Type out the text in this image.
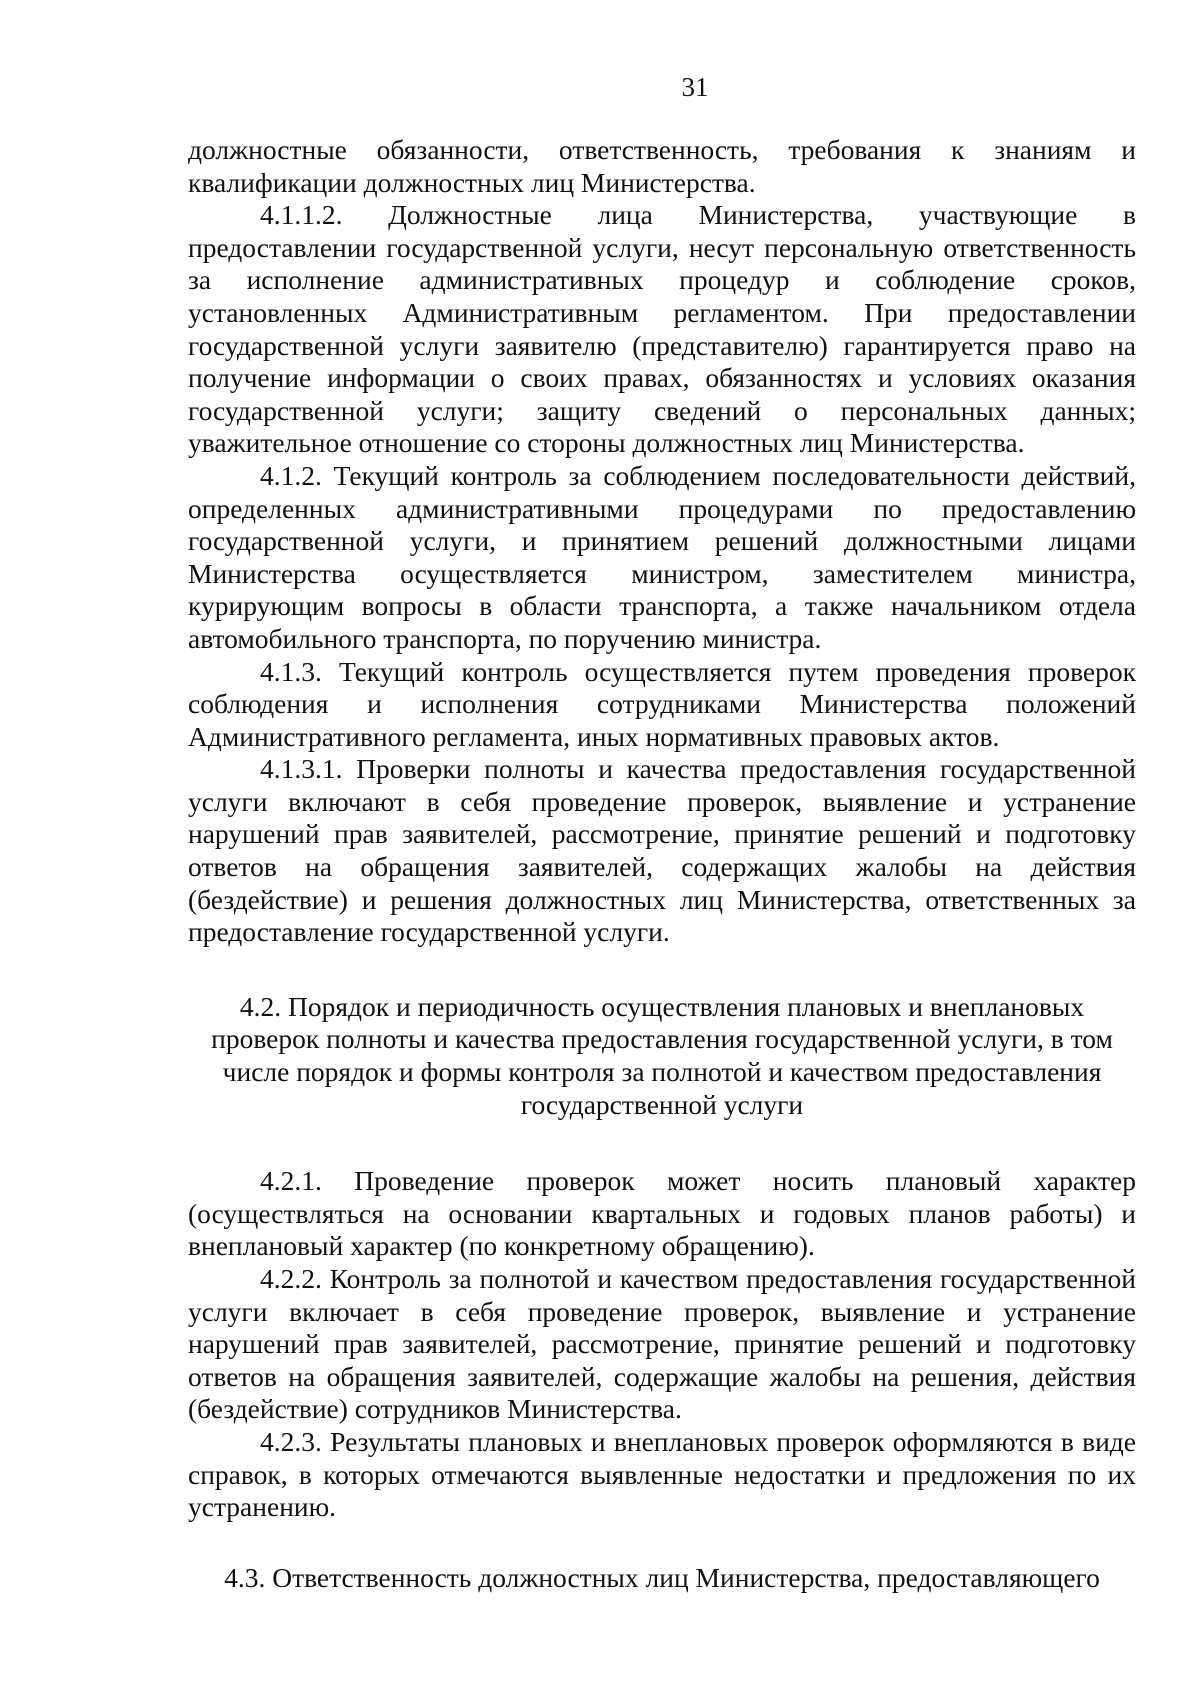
31

должностные обязанности, ответственность, требования к знаниям и квалификации должностных лиц Министерства.

4.1.1.2. Должностные лица Министерства, участвующие в предоставлении государственной услуги, несут персональную ответственность за исполнение административных процедур и соблюдение сроков, установленных Административным регламентом. При предоставлении государственной услуги заявителю (представителю) гарантируется право на получение информации о своих правах, обязанностях и условиях оказания государственной услуги; защиту сведений о персональных данных; уважительное отношение со стороны должностных лиц Министерства.

4.1.2. Текущий контроль за соблюдением последовательности действий, определенных административными процедурами по предоставлению государственной услуги, и принятием решений должностными лицами Министерства осуществляется министром, заместителем министра, курирующим вопросы в области транспорта, а также начальником отдела автомобильного транспорта, по поручению министра.

4.1.3. Текущий контроль осуществляется путем проведения проверок соблюдения и исполнения сотрудниками Министерства положений Административного регламента, иных нормативных правовых актов.

4.1.3.1. Проверки полноты и качества предоставления государственной услуги включают в себя проведение проверок, выявление и устранение нарушений прав заявителей, рассмотрение, принятие решений и подготовку ответов на обращения заявителей, содержащих жалобы на действия (бездействие) и решения должностных лиц Министерства, ответственных за предоставление государственной услуги.

4.2. Порядок и периодичность осуществления плановых и внеплановых проверок полноты и качества предоставления государственной услуги, в том числе порядок и формы контроля за полнотой и качеством предоставления государственной услуги

4.2.1. Проведение проверок может носить плановый характер (осуществляться на основании квартальных и годовых планов работы) и внеплановый характер (по конкретному обращению).

4.2.2. Контроль за полнотой и качеством предоставления государственной услуги включает в себя проведение проверок, выявление и устранение нарушений прав заявителей, рассмотрение, принятие решений и подготовку ответов на обращения заявителей, содержащие жалобы на решения, действия (бездействие) сотрудников Министерства.

4.2.3. Результаты плановых и внеплановых проверок оформляются в виде справок, в которых отмечаются выявленные недостатки и предложения по их устранению.

4.3. Ответственность должностных лиц Министерства, предоставляющего
